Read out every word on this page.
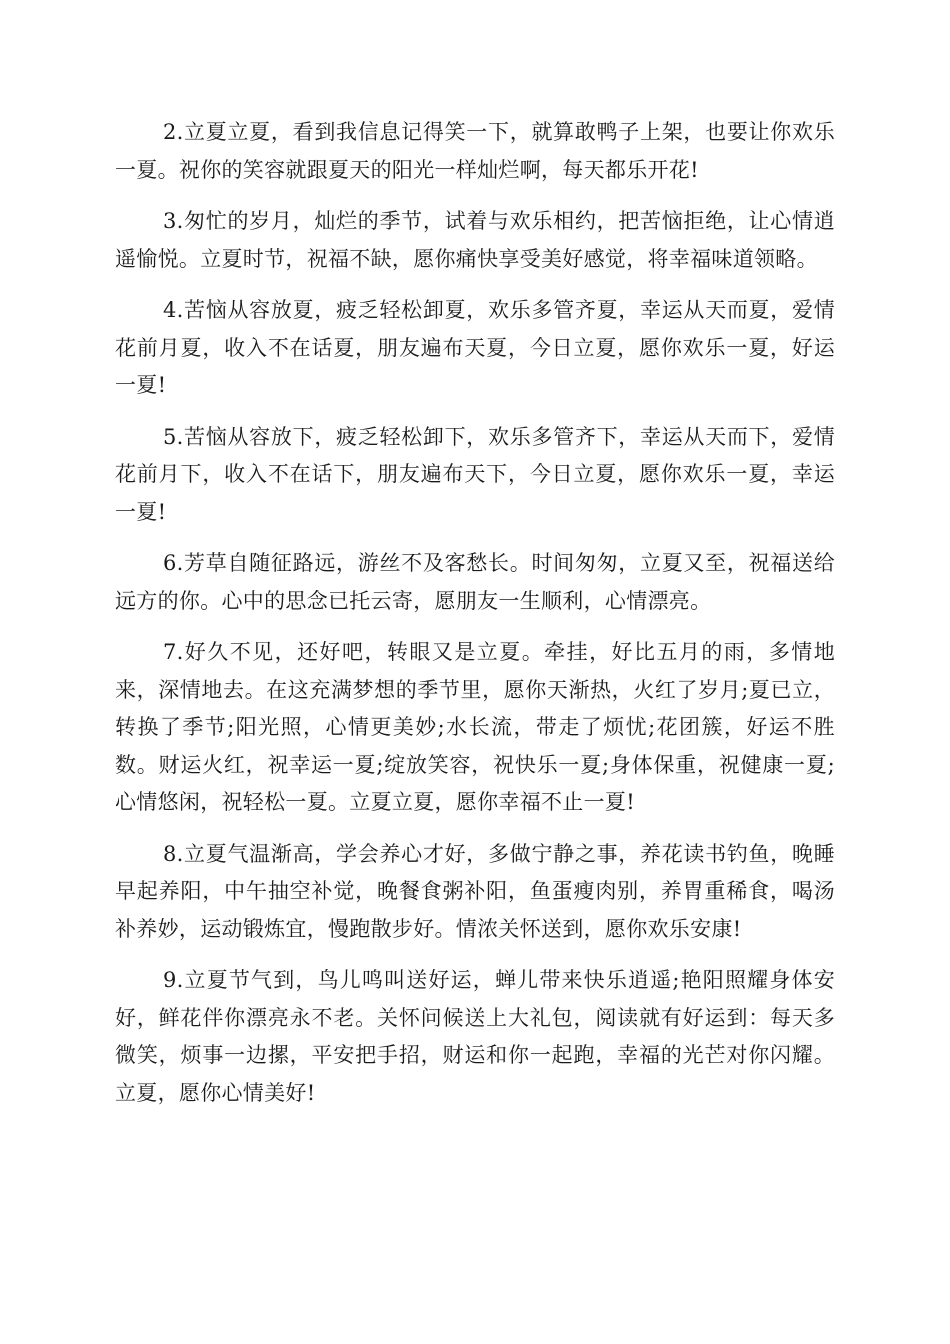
2.立夏立夏，看到我信息记得笑一下，就算敢鸭子上架，也要让你欢乐一夏。祝你的笑容就跟夏天的阳光一样灿烂啊，每天都乐开花!

3.匆忙的岁月，灿烂的季节，试着与欢乐相约，把苦恼拒绝，让心情逍遥愉悦。立夏时节，祝福不缺，愿你痛快享受美好感觉，将幸福味道领略。

4.苦恼从容放夏，疲乏轻松卸夏，欢乐多管齐夏，幸运从天而夏，爱情花前月夏，收入不在话夏，朋友遍布天夏，今日立夏，愿你欢乐一夏，好运一夏!

5.苦恼从容放下，疲乏轻松卸下，欢乐多管齐下，幸运从天而下，爱情花前月下，收入不在话下，朋友遍布天下，今日立夏，愿你欢乐一夏，幸运一夏!

6.芳草自随征路远，游丝不及客愁长。时间匆匆，立夏又至，祝福送给远方的你。心中的思念已托云寄，愿朋友一生顺利，心情漂亮。

7.好久不见，还好吧，转眼又是立夏。牵挂，好比五月的雨，多情地来，深情地去。在这充满梦想的季节里，愿你天渐热，火红了岁月;夏已立，转换了季节;阳光照，心情更美妙;水长流，带走了烦忧;花团簇，好运不胜数。财运火红，祝幸运一夏;绽放笑容，祝快乐一夏;身体保重，祝健康一夏;心情悠闲，祝轻松一夏。立夏立夏，愿你幸福不止一夏!

8.立夏气温渐高，学会养心才好，多做宁静之事，养花读书钓鱼，晚睡早起养阳，中午抽空补觉，晚餐食粥补阳，鱼蛋瘦肉别，养胃重稀食，喝汤补养妙，运动锻炼宜，慢跑散步好。情浓关怀送到，愿你欢乐安康!

9.立夏节气到，鸟儿鸣叫送好运，蝉儿带来快乐逍遥;艳阳照耀身体安好，鲜花伴你漂亮永不老。关怀问候送上大礼包，阅读就有好运到：每天多微笑，烦事一边摞，平安把手招，财运和你一起跑，幸福的光芒对你闪耀。立夏，愿你心情美好!
